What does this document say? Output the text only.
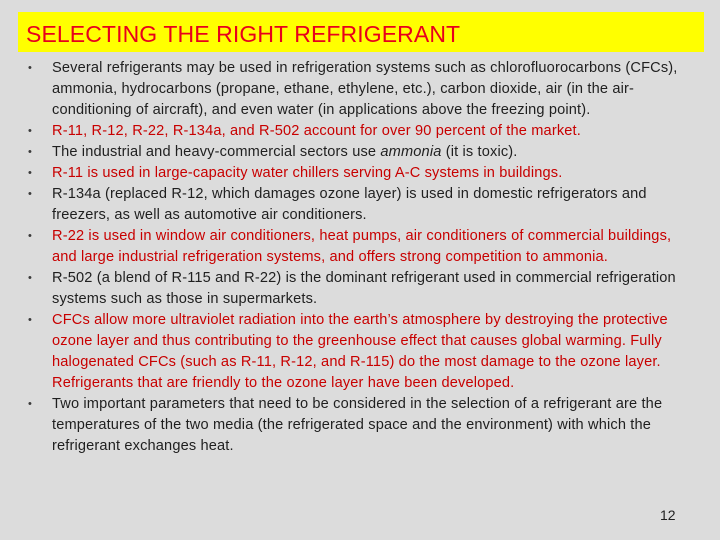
SELECTING THE RIGHT REFRIGERANT
• Several refrigerants may be used in refrigeration systems such as chlorofluorocarbons (CFCs), ammonia, hydrocarbons (propane, ethane, ethylene, etc.), carbon dioxide, air (in the air-conditioning of aircraft), and even water (in applications above the freezing point).
• R-11, R-12, R-22, R-134a, and R-502 account for over 90 percent of the market.
• The industrial and heavy-commercial sectors use ammonia (it is toxic).
• R-11 is used in large-capacity water chillers serving A-C systems in buildings.
• R-134a (replaced R-12, which damages ozone layer) is used in domestic refrigerators and freezers, as well as automotive air conditioners.
• R-22 is used in window air conditioners, heat pumps, air conditioners of commercial buildings, and large industrial refrigeration systems, and offers strong competition to ammonia.
• R-502 (a blend of R-115 and R-22) is the dominant refrigerant used in commercial refrigeration systems such as those in supermarkets.
• CFCs allow more ultraviolet radiation into the earth’s atmosphere by destroying the protective ozone layer and thus contributing to the greenhouse effect that causes global warming. Fully halogenated CFCs (such as R-11, R-12, and R-115) do the most damage to the ozone layer. Refrigerants that are friendly to the ozone layer have been developed.
• Two important parameters that need to be considered in the selection of a refrigerant are the temperatures of the two media (the refrigerated space and the environment) with which the refrigerant exchanges heat.
12
